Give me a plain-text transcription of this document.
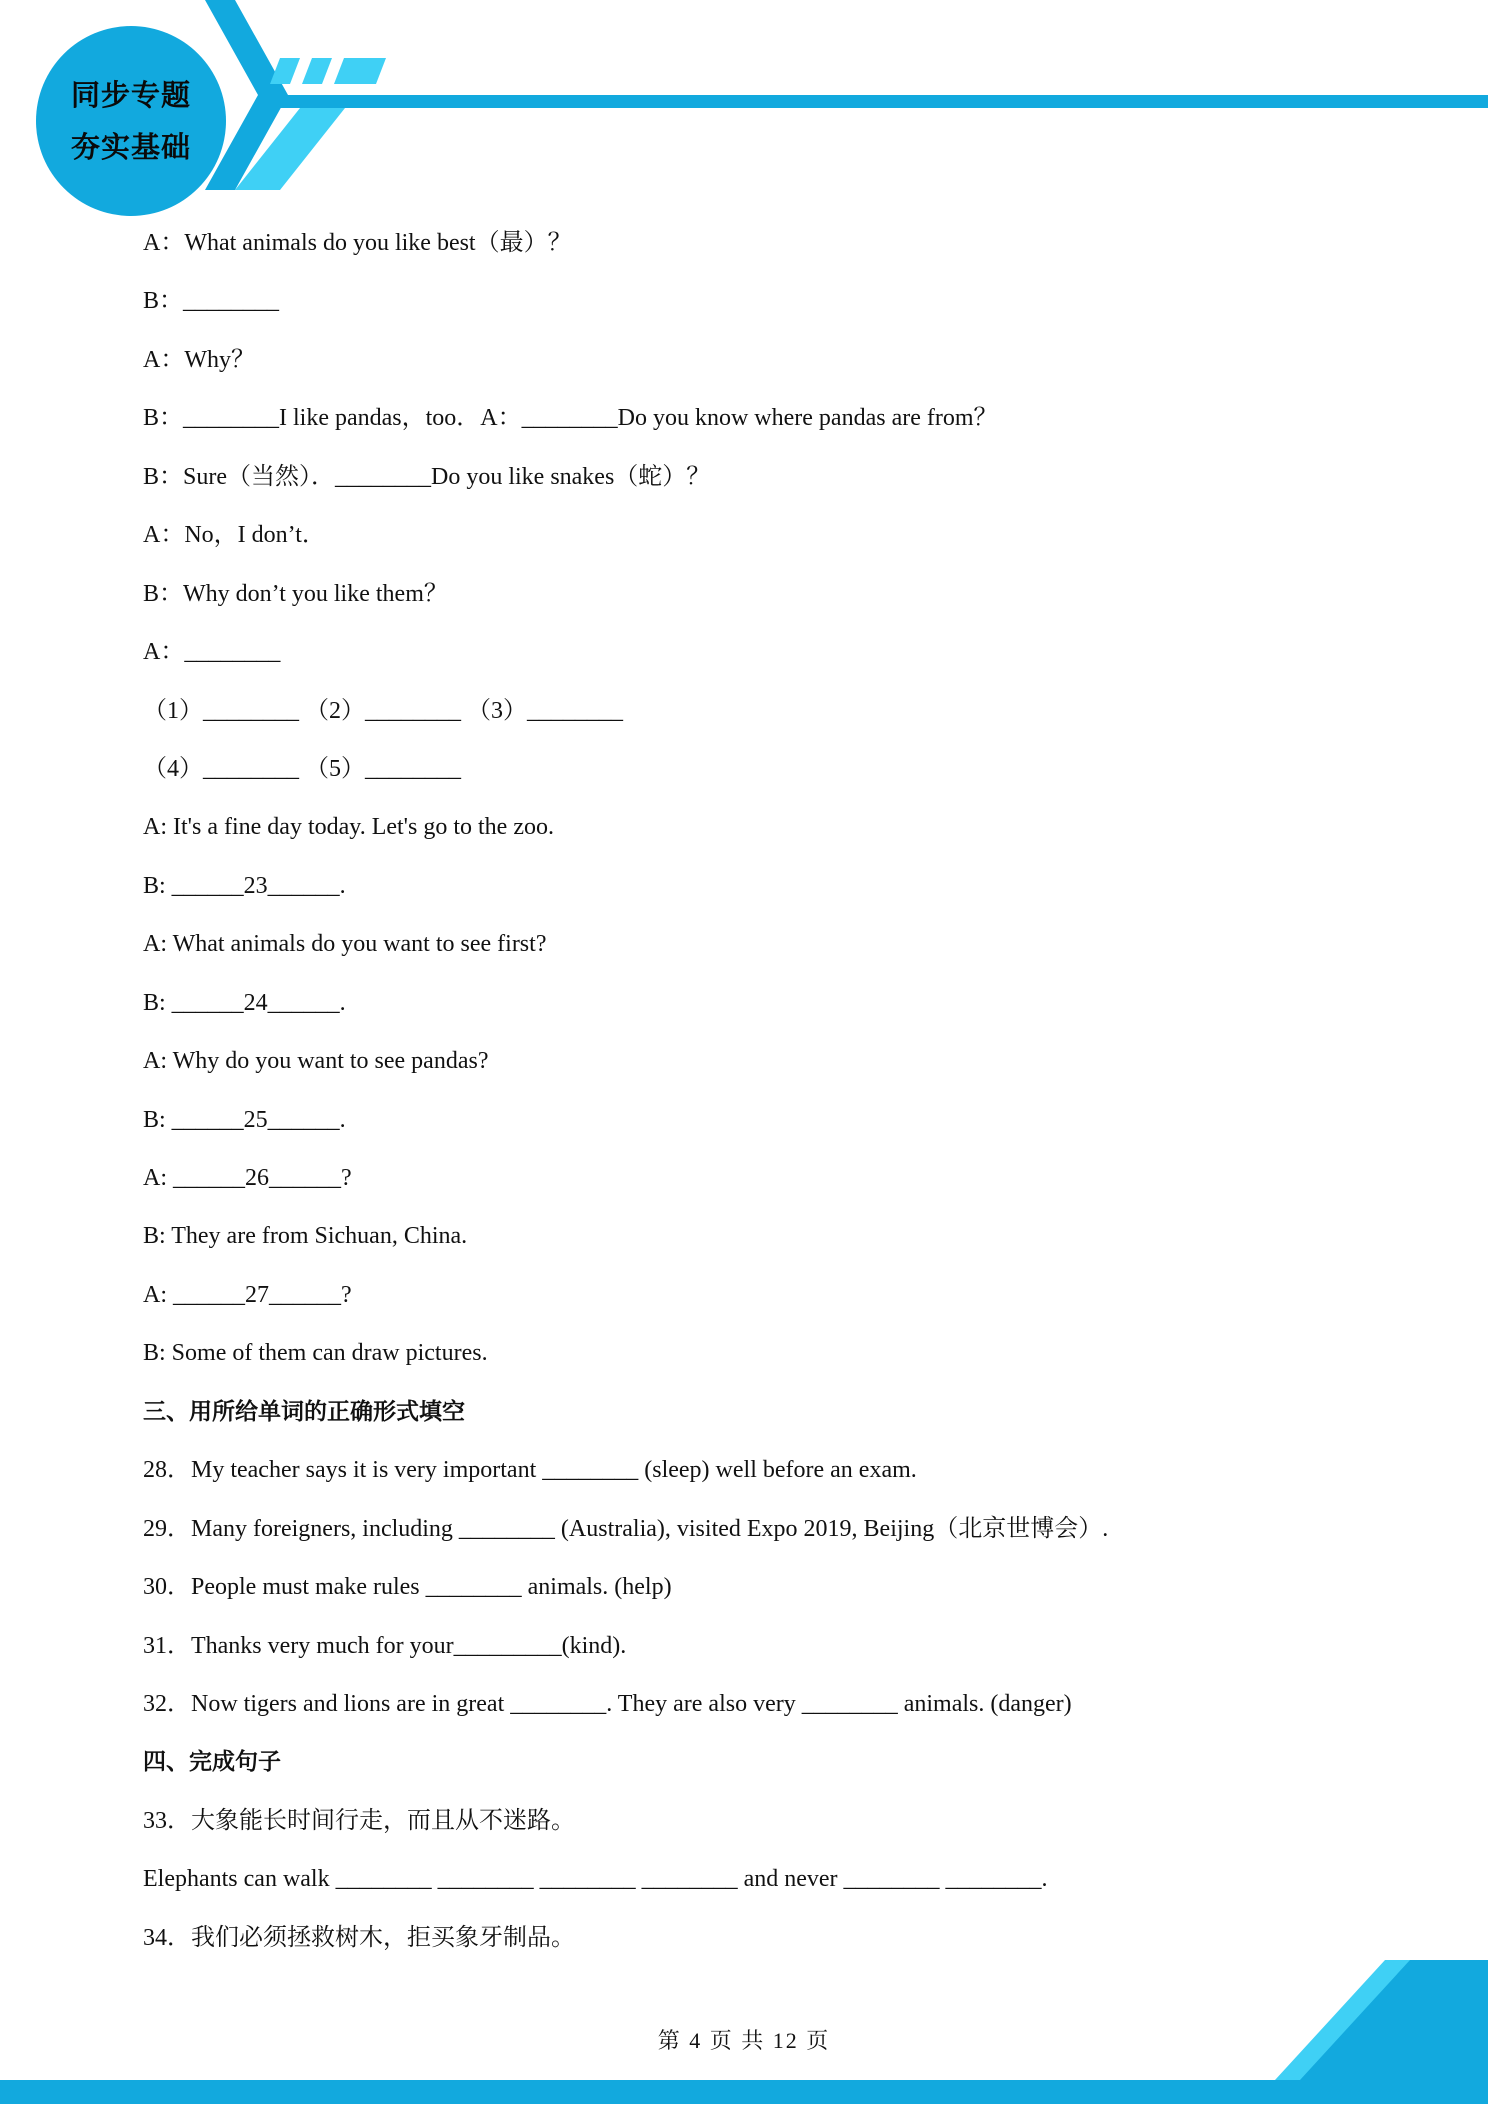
同步专题
夯实基础
A：What animals do you like best（最）？
B：________
A：Why？
B：________I like pandas，too．A：________Do you know where pandas are from？
B：Sure（当然）．________Do you like snakes（蛇）？
A：No，I don’t．
B：Why don’t you like them？
A：________
（1）________ （2）________ （3）________
（4）________ （5）________
A: It's a fine day today. Let's go to the zoo.
B: ______23______.
A: What animals do you want to see first?
B: ______24______.
A: Why do you want to see pandas?
B: ______25______.
A: ______26______?
B: They are from Sichuan, China.
A: ______27______?
B: Some of them can draw pictures.
三、用所给单词的正确形式填空
28．My teacher says it is very important ________ (sleep) well before an exam.
29．Many foreigners, including ________ (Australia), visited Expo 2019, Beijing（北京世博会）.
30．People must make rules ________ animals. (help)
31．Thanks very much for your_________(kind).
32．Now tigers and lions are in great ________. They are also very ________ animals. (danger)
四、完成句子
33．大象能长时间行走，而且从不迷路。
Elephants can walk ________ ________ ________ ________ and never ________ ________.
34．我们必须拯救树木，拒买象牙制品。
第 4 页 共 12 页
